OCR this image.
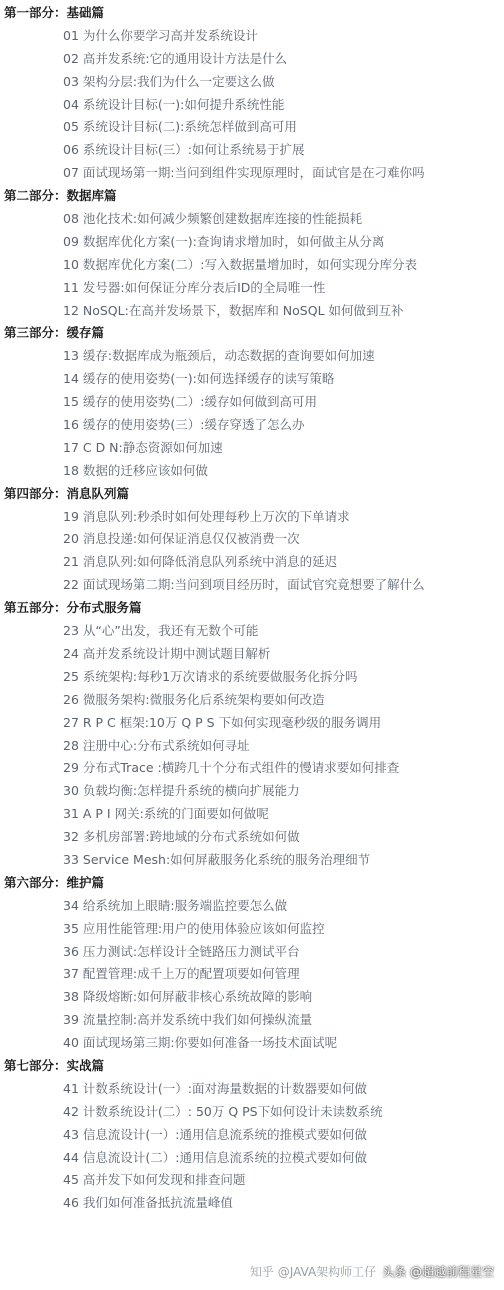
第一部分：基础篇
01 为什么你要学习高并发系统设计
02 高并发系统:它的通用设计方法是什么
03 架构分层:我们为什么一定要这么做
04 系统设计目标(一):如何提升系统性能
05 系统设计目标(二):系统怎样做到高可用
06 系统设计目标(三）:如何让系统易于扩展
07 面试现场第一期:当问到组件实现原理时，面试官是在刁难你吗
第二部分：数据库篇
08 池化技术:如何减少频繁创建数据库连接的性能损耗
09 数据库优化方案(一):查询请求增加时，如何做主从分离
10 数据库优化方案(二）:写入数据量增加时，如何实现分库分表
11 发号器:如何保证分库分表后ID的全局唯一性
12 NoSQL:在高并发场景下，数据库和 NoSQL 如何做到互补
第三部分：缓存篇
13 缓存:数据库成为瓶颈后，动态数据的查询要如何加速
14 缓存的使用姿势(一):如何选择缓存的读写策略
15 缓存的使用姿势(二）:缓存如何做到高可用
16 缓存的使用姿势(三）:缓存穿透了怎么办
17 C D N:静态资源如何加速
18 数据的迁移应该如何做
第四部分：消息队列篇
19 消息队列:秒杀时如何处理每秒上万次的下单请求
20 消息投递:如何保证消息仅仅被消费一次
21 消息队列:如何降低消息队列系统中消息的延迟
22 面试现场第二期:当问到项目经历时，面试官究竟想要了解什么
第五部分：分布式服务篇
23 从“心”出发，我还有无数个可能
24 高并发系统设计期中测试题目解析
25 系统架构:每秒1万次请求的系统要做服务化拆分吗
26 微服务架构:微服务化后系统架构要如何改造
27 R P C 框架:10万 Q P S 下如何实现毫秒级的服务调用
28 注册中心:分布式系统如何寻址
29 分布式Trace :横跨几十个分布式组件的慢请求要如何排查
30 负载均衡:怎样提升系统的横向扩展能力
31 A P I 网关:系统的门面要如何做呢
32 多机房部署:跨地域的分布式系统如何做
33 Service Mesh:如何屏蔽服务化系统的服务治理细节
第六部分：维护篇
34 给系统加上眼睛:服务端监控要怎么做
35 应用性能管理:用户的使用体验应该如何监控
36 压力测试:怎样设计全链路压力测试平台
37 配置管理:成千上万的配置项要如何管理
38 降级熔断:如何屏蔽非核心系统故障的影响
39 流量控制:高并发系统中我们如何操纵流量
40 面试现场第三期:你要如何准备一场技术面试呢
第七部分：实战篇
41 计数系统设计(一）:面对海量数据的计数器要如何做
42 计数系统设计(二）: 50万 Q PS下如何设计未读数系统
43 信息流设计(一）:通用信息流系统的推模式要如何做
44 信息流设计(二）:通用信息流系统的拉模式要如何做
45 高并发下如何发现和排查问题
46 我们如何准备抵抗流量峰值
知乎 @JAVA架构师工仔 头条 @超越前程星空
